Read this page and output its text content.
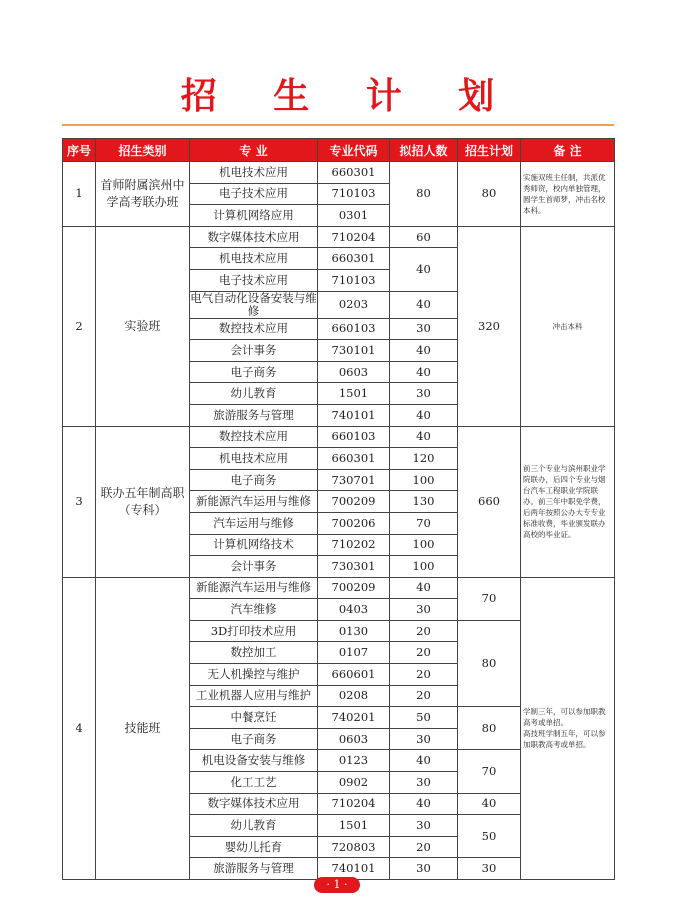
招 生 计 划
序号	招生类别	专 业	专业代码	拟招人数	招生计划	备 注
1	首师附属滨州中学高考联办班	机电技术应用	660301	80	80	实施双班主任制，共派优秀师资，校内单独管理，圆学生首师梦，冲击名校本科。
		电子技术应用	710103			
		计算机网络应用	0301			
2	实验班	数字媒体技术应用	710204	60	320	冲击本科
		机电技术应用	660301	40		
		电子技术应用	710103			
		电气自动化设备安装与维修	0203	40		
		数控技术应用	660103	30		
		会计事务	730101	40		
		电子商务	0603	40		
		幼儿教育	1501	30		
		旅游服务与管理	740101	40		
3	联办五年制高职（专科）	数控技术应用	660103	40	660	前三个专业与滨州职业学院联办，后四个专业与烟台汽车工程职业学院联办。前三年中职免学费，后两年按照公办大专专业标准收费，毕业颁发联办高校的毕业证。
		机电技术应用	660301	120		
		电子商务	730701	100		
		新能源汽车运用与维修	700209	130		
		汽车运用与维修	700206	70		
		计算机网络技术	710202	100		
		会计事务	730301	100		
4	技能班	新能源汽车运用与维修	700209	40	70	学制三年，可以参加职教高考或单招。
高技班学制五年，可以参加职教高考或单招。
		汽车维修	0403	30		
		3D打印技术应用	0130	20	80	
		数控加工	0107	20		
		无人机操控与维护	660601	20		
		工业机器人应用与维护	0208	20		
		中餐烹饪	740201	50	80	
		电子商务	0603	30		
		机电设备安装与维修	0123	40	70	
		化工工艺	0902	30		
		数字媒体技术应用	710204	40	40	
		幼儿教育	1501	30	50	
		婴幼儿托育	720803	20		
		旅游服务与管理	740101	30	30	
· 1 ·
